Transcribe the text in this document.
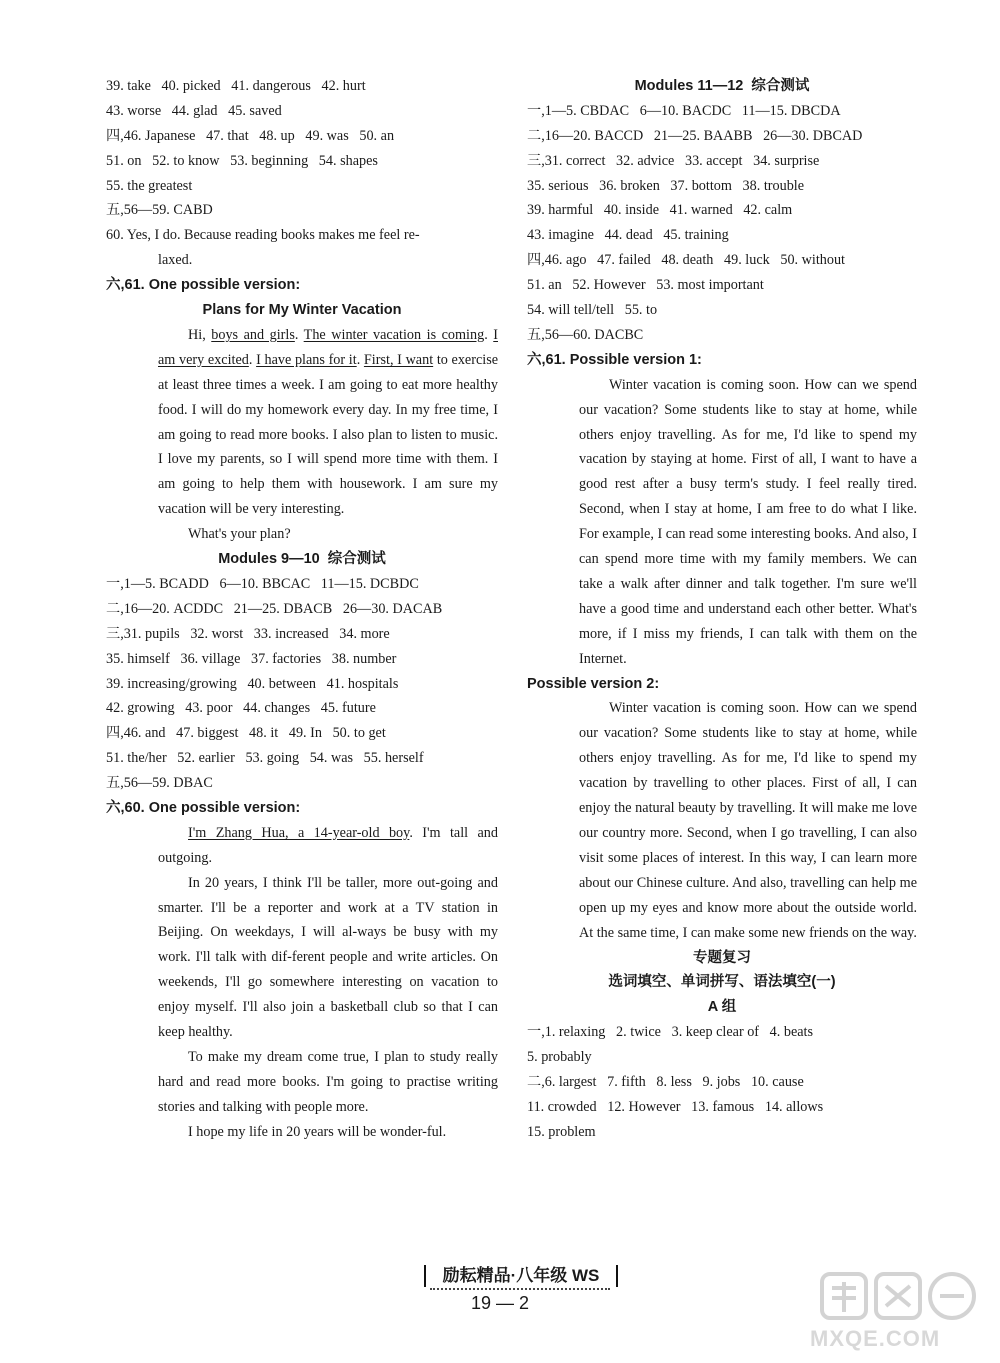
39. take   40. picked   41. dangerous   42. hurt
43. worse   44. glad   45. saved
四,46. Japanese   47. that   48. up   49. was   50. an
51. on   52. to know   53. beginning   54. shapes
55. the greatest
五,56—59. CABD
60. Yes, I do. Because reading books makes me feel re-
laxed.
六,61. One possible version:
Plans for My Winter Vacation
Hi, boys and girls. The winter vacation is coming. I am very excited. I have plans for it. First, I want to exercise at least three times a week. I am going to eat more healthy food. I will do my homework every day. In my free time, I am going to read more books. I also plan to listen to music. I love my parents, so I will spend more time with them. I am going to help them with housework. I am sure my vacation will be very interesting.
What's your plan?
Modules 9—10  综合测试
一,1—5. BCADD   6—10. BBCAC   11—15. DCBDC
二,16—20. ACDDC   21—25. DBACB   26—30. DACAB
三,31. pupils   32. worst   33. increased   34. more
35. himself   36. village   37. factories   38. number
39. increasing/growing   40. between   41. hospitals
42. growing   43. poor   44. changes   45. future
四,46. and   47. biggest   48. it   49. In   50. to get
51. the/her   52. earlier   53. going   54. was   55. herself
五,56—59. DBAC
六,60. One possible version:
I'm Zhang Hua, a 14-year-old boy. I'm tall and outgoing.
In 20 years, I think I'll be taller, more out-going and smarter. I'll be a reporter and work at a TV station in Beijing. On weekdays, I will al-ways be busy with my work. I'll talk with dif-ferent people and write articles. On weekends, I'll go somewhere interesting on vacation to enjoy myself. I'll also join a basketball club so that I can keep healthy.
To make my dream come true, I plan to study really hard and read more books. I'm going to practise writing stories and talking with people more.
I hope my life in 20 years will be wonder-ful.
Modules 11—12  综合测试
一,1—5. CBDAC   6—10. BACDC   11—15. DBCDA
二,16—20. BACCD   21—25. BAABB   26—30. DBCAD
三,31. correct   32. advice   33. accept   34. surprise
35. serious   36. broken   37. bottom   38. trouble
39. harmful   40. inside   41. warned   42. calm
43. imagine   44. dead   45. training
四,46. ago   47. failed   48. death   49. luck   50. without
51. an   52. However   53. most important
54. will tell/tell   55. to
五,56—60. DACBC
六,61. Possible version 1:
Winter vacation is coming soon. How can we spend our vacation? Some students like to stay at home, while others enjoy travelling. As for me, I'd like to spend my vacation by staying at home. First of all, I want to have a good rest after a busy term's study. I feel really tired. Second, when I stay at home, I am free to do what I like. For example, I can read some interesting books. And also, I can spend more time with my family members. We can take a walk after dinner and talk together. I'm sure we'll have a good time and understand each other better. What's more, if I miss my friends, I can talk with them on the Internet.
Possible version 2:
Winter vacation is coming soon. How can we spend our vacation? Some students like to stay at home, while others enjoy travelling. As for me, I'd like to spend my vacation by travelling to other places. First of all, I can enjoy the natural beauty by travelling. It will make me love our country more. Second, when I go travelling, I can also visit some places of interest. In this way, I can learn more about our Chinese culture. And also, travelling can help me open up my eyes and know more about the outside world. At the same time, I can make some new friends on the way.
专题复习
选词填空、单词拼写、语法填空(一)
A 组
一,1. relaxing   2. twice   3. keep clear of   4. beats
5. probably
二,6. largest   7. fifth   8. less   9. jobs   10. cause
11. crowded   12. However   13. famous   14. allows
15. problem
励耘精品·八年级 WS
19 — 2
MXQE.COM
